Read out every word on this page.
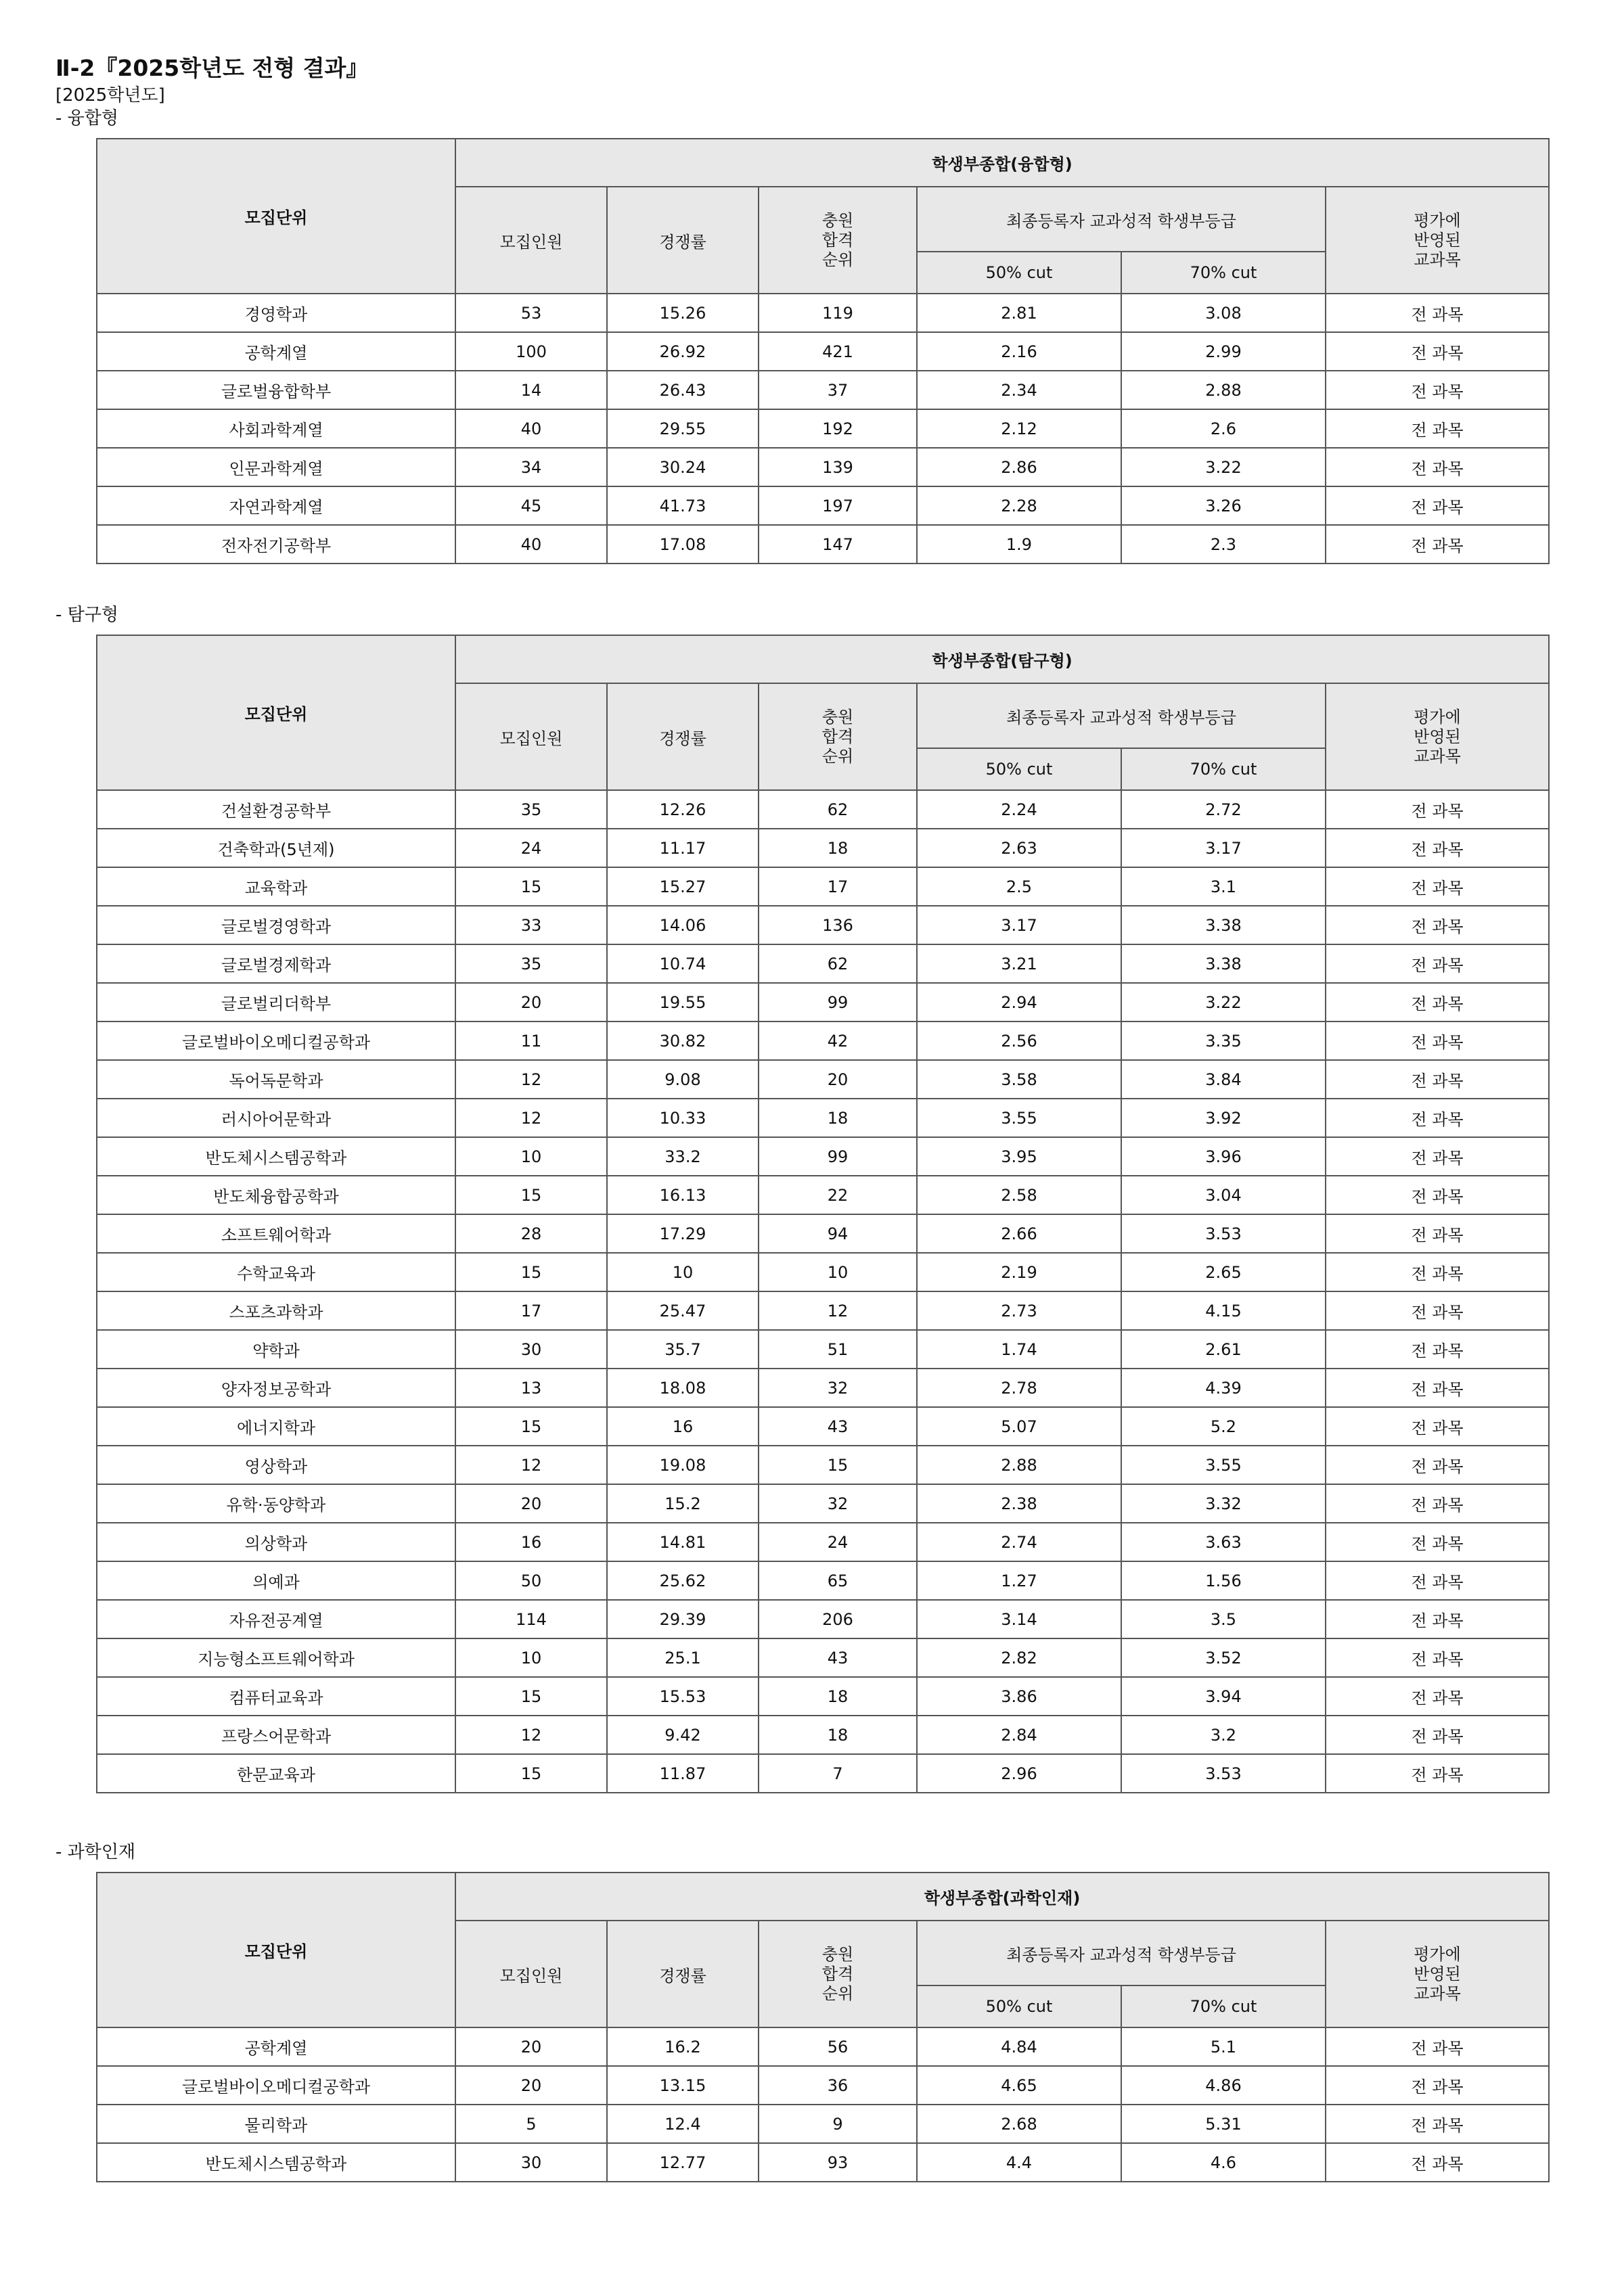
Ⅱ-2『2025학년도 전형 결과』
[2025학년도]
- 융합형
모집단위	학생부종합(융합형)					
	모집인원	경쟁률	충원
합격
순위	최종등록자 교과성적 학생부등급		평가에
반영된
교과목
				50% cut	70% cut	
경영학과	53	15.26	119	2.81	3.08	전 과목
공학계열	100	26.92	421	2.16	2.99	전 과목
글로벌융합학부	14	26.43	37	2.34	2.88	전 과목
사회과학계열	40	29.55	192	2.12	2.6	전 과목
인문과학계열	34	30.24	139	2.86	3.22	전 과목
자연과학계열	45	41.73	197	2.28	3.26	전 과목
전자전기공학부	40	17.08	147	1.9	2.3	전 과목
- 탐구형
모집단위	학생부종합(탐구형)					
	모집인원	경쟁률	충원
합격
순위	최종등록자 교과성적 학생부등급		평가에
반영된
교과목
				50% cut	70% cut	
건설환경공학부	35	12.26	62	2.24	2.72	전 과목
건축학과(5년제)	24	11.17	18	2.63	3.17	전 과목
교육학과	15	15.27	17	2.5	3.1	전 과목
글로벌경영학과	33	14.06	136	3.17	3.38	전 과목
글로벌경제학과	35	10.74	62	3.21	3.38	전 과목
글로벌리더학부	20	19.55	99	2.94	3.22	전 과목
글로벌바이오메디컬공학과	11	30.82	42	2.56	3.35	전 과목
독어독문학과	12	9.08	20	3.58	3.84	전 과목
러시아어문학과	12	10.33	18	3.55	3.92	전 과목
반도체시스템공학과	10	33.2	99	3.95	3.96	전 과목
반도체융합공학과	15	16.13	22	2.58	3.04	전 과목
소프트웨어학과	28	17.29	94	2.66	3.53	전 과목
수학교육과	15	10	10	2.19	2.65	전 과목
스포츠과학과	17	25.47	12	2.73	4.15	전 과목
약학과	30	35.7	51	1.74	2.61	전 과목
양자정보공학과	13	18.08	32	2.78	4.39	전 과목
에너지학과	15	16	43	5.07	5.2	전 과목
영상학과	12	19.08	15	2.88	3.55	전 과목
유학·동양학과	20	15.2	32	2.38	3.32	전 과목
의상학과	16	14.81	24	2.74	3.63	전 과목
의예과	50	25.62	65	1.27	1.56	전 과목
자유전공계열	114	29.39	206	3.14	3.5	전 과목
지능형소프트웨어학과	10	25.1	43	2.82	3.52	전 과목
컴퓨터교육과	15	15.53	18	3.86	3.94	전 과목
프랑스어문학과	12	9.42	18	2.84	3.2	전 과목
한문교육과	15	11.87	7	2.96	3.53	전 과목
- 과학인재
모집단위	학생부종합(과학인재)					
	모집인원	경쟁률	충원
합격
순위	최종등록자 교과성적 학생부등급		평가에
반영된
교과목
				50% cut	70% cut	
공학계열	20	16.2	56	4.84	5.1	전 과목
글로벌바이오메디컬공학과	20	13.15	36	4.65	4.86	전 과목
물리학과	5	12.4	9	2.68	5.31	전 과목
반도체시스템공학과	30	12.77	93	4.4	4.6	전 과목
